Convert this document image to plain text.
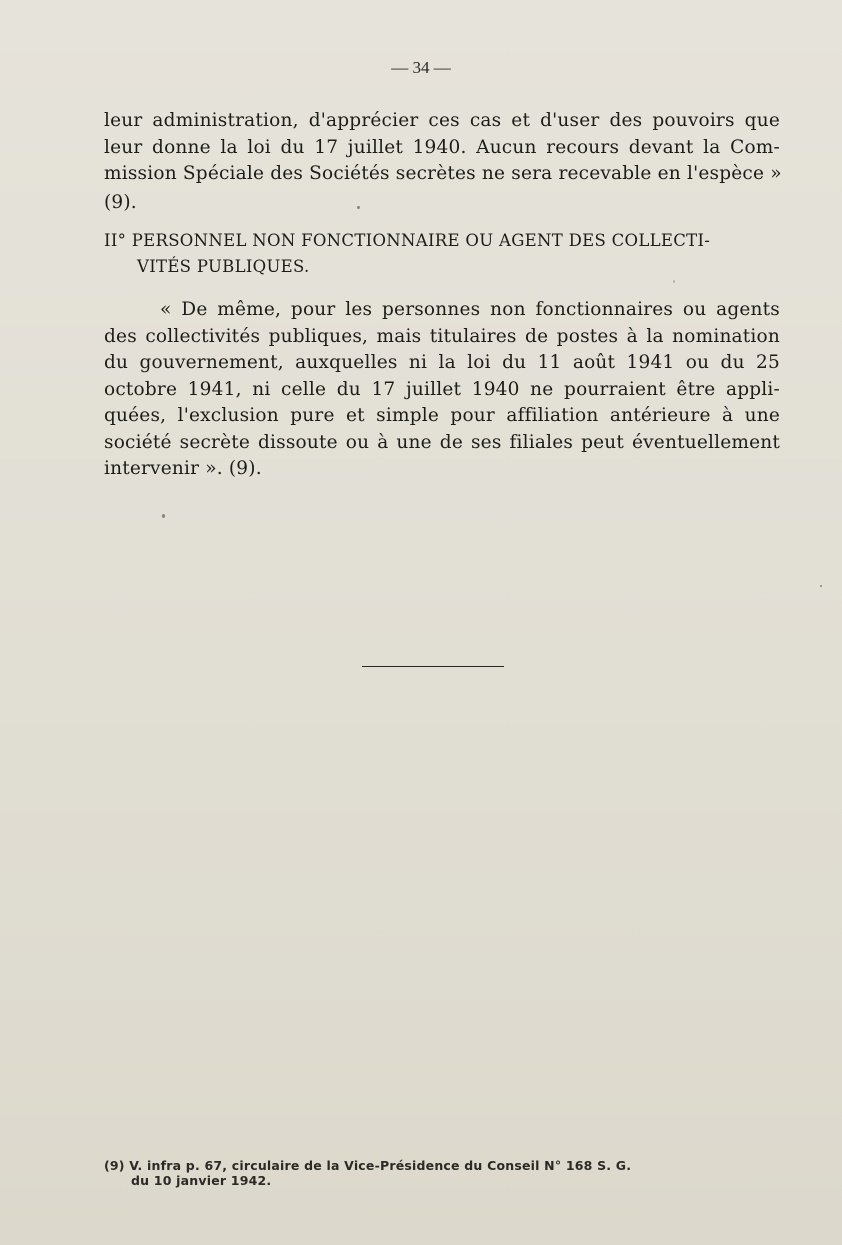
— 34 —
leur administration, d'apprécier ces cas et d'user des pouvoirs que
leur donne la loi du 17 juillet 1940. Aucun recours devant la Com-
mission Spéciale des Sociétés secrètes ne sera recevable en l'espèce »
(9).
II° PERSONNEL NON FONCTIONNAIRE OU AGENT DES COLLECTI-
VITÉS PUBLIQUES.
« De même, pour les personnes non fonctionnaires ou agents
des collectivités publiques, mais titulaires de postes à la nomination
du gouvernement, auxquelles ni la loi du 11 août 1941 ou du 25
octobre 1941, ni celle du 17 juillet 1940 ne pourraient être appli-
quées, l'exclusion pure et simple pour affiliation antérieure à une
société secrète dissoute ou à une de ses filiales peut éventuellement
intervenir ». (9).
(9) V. infra p. 67, circulaire de la Vice-Présidence du Conseil N° 168 S. G.
du 10 janvier 1942.
